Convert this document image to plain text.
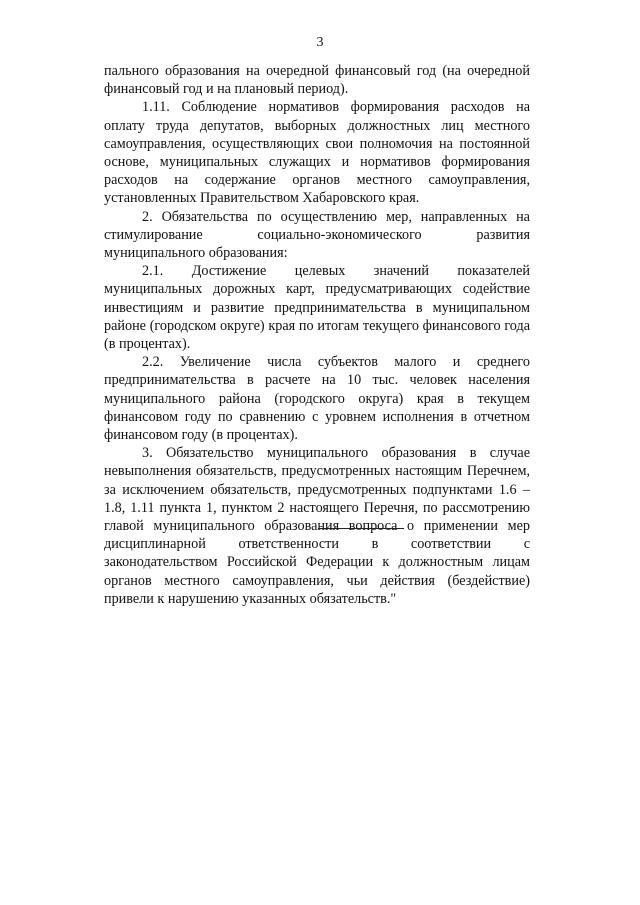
3

пального образования на очередной финансовый год (на очередной финансовый год и на плановый период).

1.11. Соблюдение нормативов формирования расходов на оплату труда депутатов, выборных должностных лиц местного самоуправления, осуществляющих свои полномочия на постоянной основе, муниципальных служащих и нормативов формирования расходов на содержание органов местного самоуправления, установленных Правительством Хабаровского края.

2. Обязательства по осуществлению мер, направленных на стимулирование социально-экономического развития муниципального образования:

2.1. Достижение целевых значений показателей муниципальных дорожных карт, предусматривающих содействие инвестициям и развитие предпринимательства в муниципальном районе (городском округе) края по итогам текущего финансового года (в процентах).

2.2. Увеличение числа субъектов малого и среднего предпринимательства в расчете на 10 тыс. человек населения муниципального района (городского округа) края в текущем финансовом году по сравнению с уровнем исполнения в отчетном финансовом году (в процентах).

3. Обязательство муниципального образования в случае невыполнения обязательств, предусмотренных настоящим Перечнем, за исключением обязательств, предусмотренных подпунктами 1.6 – 1.8, 1.11 пункта 1, пунктом 2 настоящего Перечня, по рассмотрению главой муниципального образования вопроса о применении мер дисциплинарной ответственности в соответствии с законодательством Российской Федерации к должностным лицам органов местного самоуправления, чьи действия (бездействие) привели к нарушению указанных обязательств."
